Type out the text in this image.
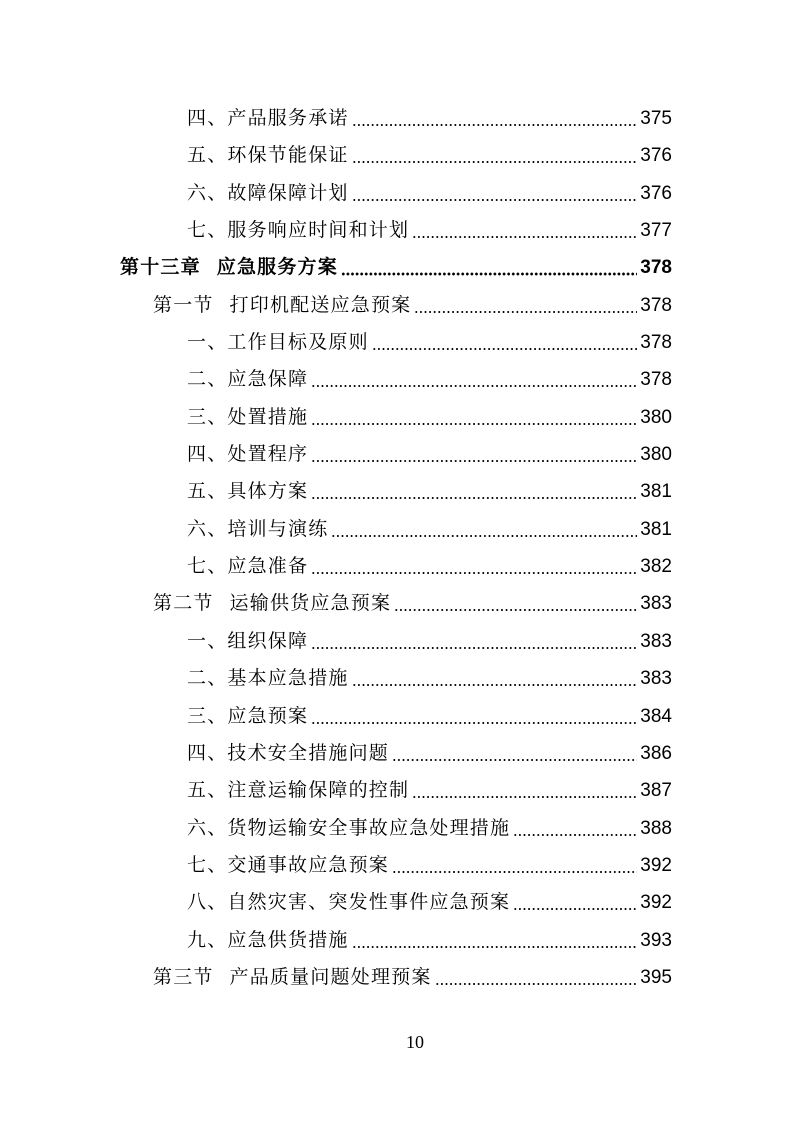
四、产品服务承诺	375
五、环保节能保证	376
六、故障保障计划	376
七、服务响应时间和计划	377
第十三章 应急服务方案	378
第一节 打印机配送应急预案	378
一、工作目标及原则	378
二、应急保障	378
三、处置措施	380
四、处置程序	380
五、具体方案	381
六、培训与演练	381
七、应急准备	382
第二节 运输供货应急预案	383
一、组织保障	383
二、基本应急措施	383
三、应急预案	384
四、技术安全措施问题	386
五、注意运输保障的控制	387
六、货物运输安全事故应急处理措施	388
七、交通事故应急预案	392
八、自然灾害、突发性事件应急预案	392
九、应急供货措施	393
第三节 产品质量问题处理预案	395
10
